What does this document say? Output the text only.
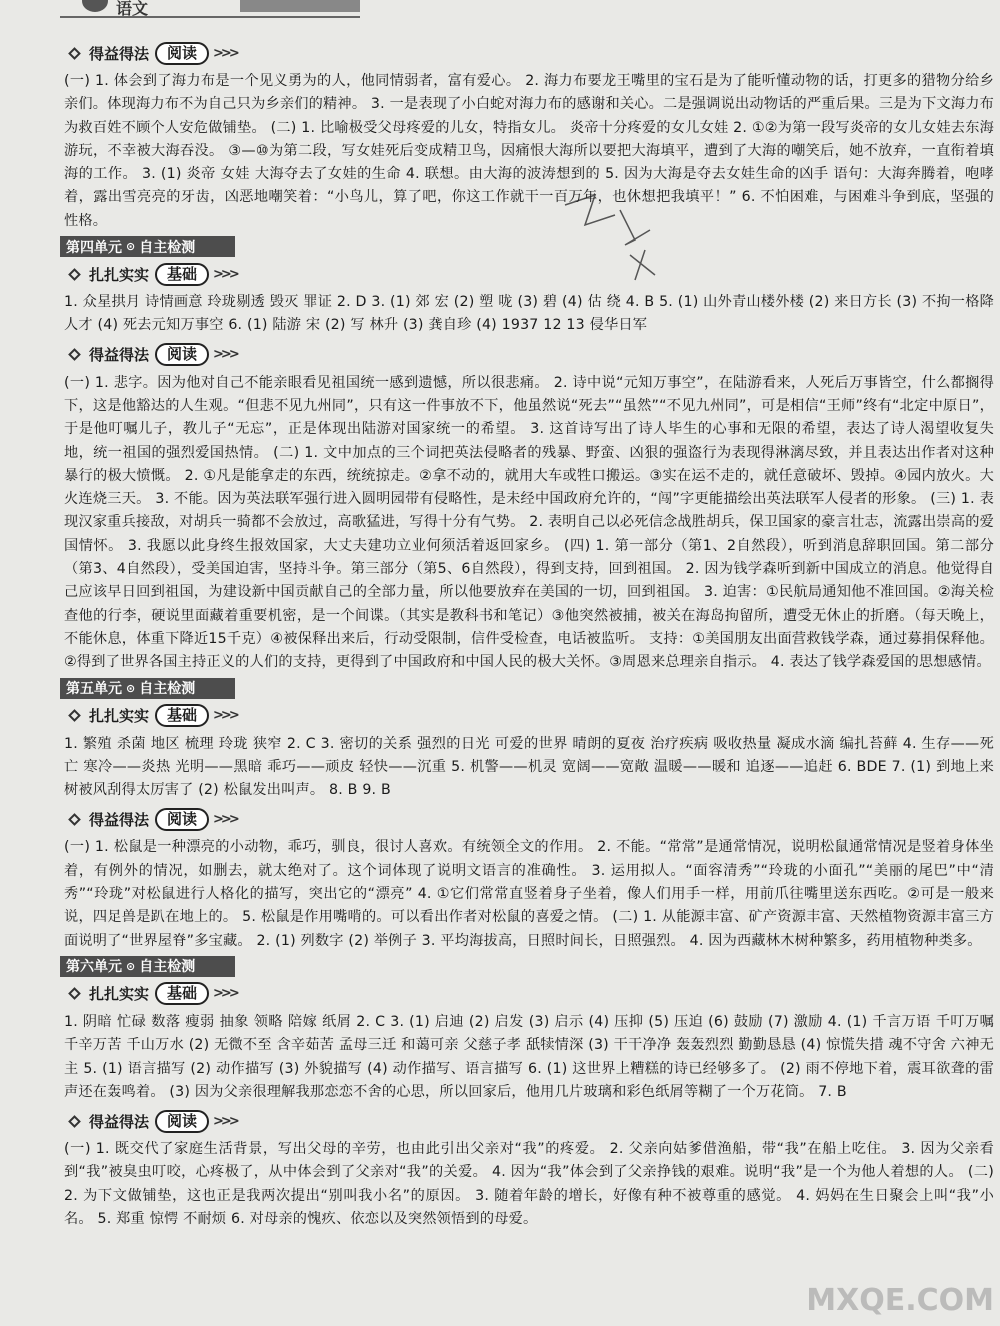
语文
得益得法	阅读	>>>

(一) 1. 体会到了海力布是一个见义勇为的人，他同情弱者，富有爱心。 2. 海力布要龙王嘴里的宝石是为了能听懂动物的话，打更多的猎物分给乡亲们。体现海力布不为自己只为乡亲们的精神。 3. 一是表现了小白蛇对海力布的感谢和关心。二是强调说出动物话的严重后果。三是为下文海力布为救百姓不顾个人安危做铺垫。 (二) 1. 比喻极受父母疼爱的儿女，特指女儿。 炎帝十分疼爱的女儿女娃 2. ①②为第一段写炎帝的女儿女娃去东海游玩，不幸被大海吞没。 ③—⑩为第二段，写女娃死后变成精卫鸟，因痛恨大海所以要把大海填平，遭到了大海的嘲笑后，她不放弃，一直衔着填海的工作。 3. (1) 炎帝 女娃 大海夺去了女娃的生命 4. 联想。由大海的波涛想到的 5. 因为大海是夺去女娃生命的凶手 语句：大海奔腾着，咆哮着，露出雪亮亮的牙齿，凶恶地嘲笑着：“小鸟儿，算了吧，你这工作就干一百万年，也休想把我填平！” 6. 不怕困难，与困难斗争到底，坚强的性格。

第四单元 ⊙ 自主检测
扎扎实实	基础	>>>

1. 众星拱月 诗情画意 玲珑剔透 毁灭 罪证 2. D 3. (1) 郊 宏 (2) 塑 咙 (3) 碧 (4) 估 绕 4. B 5. (1) 山外青山楼外楼 (2) 来日方长 (3) 不拘一格降人才 (4) 死去元知万事空 6. (1) 陆游 宋 (2) 写 林升 (3) 龚自珍 (4) 1937 12 13 侵华日军

得益得法	阅读	>>>

(一) 1. 悲字。因为他对自己不能亲眼看见祖国统一感到遗憾，所以很悲痛。 2. 诗中说“元知万事空”，在陆游看来，人死后万事皆空，什么都搁得下，这是他豁达的人生观。“但悲不见九州同”，只有这一件事放不下，他虽然说“死去”“虽然”“不见九州同”，可是相信“王师”终有“北定中原日”，于是他叮嘱儿子，教儿子“无忘”，正是体现出陆游对国家统一的希望。 3. 这首诗写出了诗人毕生的心事和无限的希望，表达了诗人渴望收复失地，统一祖国的强烈爱国热情。 (二) 1. 文中加点的三个词把英法侵略者的残暴、野蛮、凶狠的强盗行为表现得淋漓尽致，并且表达出作者对这种暴行的极大愤慨。 2. ①凡是能拿走的东西，统统掠走。②拿不动的，就用大车或牲口搬运。③实在运不走的，就任意破坏、毁掉。④园内放火。大火连烧三天。 3. 不能。因为英法联军强行进入圆明园带有侵略性，是未经中国政府允许的，“闯”字更能描绘出英法联军人侵者的形象。 (三) 1. 表现汉家重兵接敌，对胡兵一骑都不会放过，高歌猛进，写得十分有气势。 2. 表明自己以必死信念战胜胡兵，保卫国家的豪言壮志，流露出崇高的爱国情怀。 3. 我愿以此身终生报效国家，大丈夫建功立业何须活着返回家乡。 (四) 1. 第一部分（第1、2自然段），听到消息辞职回国。第二部分（第3、4自然段），受美国迫害，坚持斗争。第三部分（第5、6自然段），得到支持，回到祖国。 2. 因为钱学森听到新中国成立的消息。他觉得自己应该早日回到祖国，为建设新中国贡献自己的全部力量，所以他要放弃在美国的一切，回到祖国。 3. 迫害：①民航局通知他不准回国。②海关检查他的行李，硬说里面藏着重要机密，是一个间谍。（其实是教科书和笔记）③他突然被捕，被关在海岛拘留所，遭受无休止的折磨。（每天晚上，不能休息，体重下降近15千克）④被保释出来后，行动受限制，信件受检查，电话被监听。 支持：①美国朋友出面营救钱学森，通过募捐保释他。②得到了世界各国主持正义的人们的支持，更得到了中国政府和中国人民的极大关怀。③周恩来总理亲自指示。 4. 表达了钱学森爱国的思想感情。

第五单元 ⊙ 自主检测
扎扎实实	基础	>>>

1. 繁殖 杀菌 地区 梳理 玲珑 狭窄 2. C 3. 密切的关系 强烈的日光 可爱的世界 晴朗的夏夜 治疗疾病 吸收热量 凝成水滴 编扎苔藓 4. 生存——死亡 寒冷——炎热 光明——黑暗 乖巧——顽皮 轻快——沉重 5. 机警——机灵 宽阔——宽敞 温暖——暖和 追逐——追赶 6. BDE 7. (1) 到地上来 树被风刮得太厉害了 (2) 松鼠发出叫声。 8. B 9. B

得益得法	阅读	>>>

(一) 1. 松鼠是一种漂亮的小动物，乖巧，驯良，很讨人喜欢。有统领全文的作用。 2. 不能。“常常”是通常情况，说明松鼠通常情况是竖着身体坐着，有例外的情况，如删去，就太绝对了。这个词体现了说明文语言的准确性。 3. 运用拟人。“面容清秀”“玲珑的小面孔”“美丽的尾巴”中“清秀”“玲珑”对松鼠进行人格化的描写，突出它的“漂亮” 4. ①它们常常直竖着身子坐着，像人们用手一样，用前爪往嘴里送东西吃。②可是一般来说，四足兽是趴在地上的。 5. 松鼠是作用嘴啃的。可以看出作者对松鼠的喜爱之情。 (二) 1. 从能源丰富、矿产资源丰富、天然植物资源丰富三方面说明了“世界屋脊”多宝藏。 2. (1) 列数字 (2) 举例子 3. 平均海拔高，日照时间长，日照强烈。 4. 因为西藏林木树种繁多，药用植物种类多。

第六单元 ⊙ 自主检测
扎扎实实	基础	>>>

1. 阴暗 忙碌 数落 瘦弱 抽象 领略 陪嫁 纸屑 2. C 3. (1) 启迪 (2) 启发 (3) 启示 (4) 压抑 (5) 压迫 (6) 鼓励 (7) 激励 4. (1) 千言万语 千叮万嘱 千辛万苦 千山万水 (2) 无微不至 含辛茹苦 孟母三迁 和蔼可亲 父慈子孝 舐犊情深 (3) 干干净净 轰轰烈烈 勤勤恳恳 (4) 惊慌失措 魂不守舍 六神无主 5. (1) 语言描写 (2) 动作描写 (3) 外貌描写 (4) 动作描写、语言描写 6. (1) 这世界上糟糕的诗已经够多了。 (2) 雨不停地下着，震耳欲聋的雷声还在轰鸣着。 (3) 因为父亲很理解我那恋恋不舍的心思，所以回家后，他用几片玻璃和彩色纸屑等糊了一个万花筒。 7. B

得益得法	阅读	>>>

(一) 1. 既交代了家庭生活背景，写出父母的辛劳，也由此引出父亲对“我”的疼爱。 2. 父亲向姑爹借渔船，带“我”在船上吃住。 3. 因为父亲看到“我”被臭虫叮咬，心疼极了，从中体会到了父亲对“我”的关爱。 4. 因为“我”体会到了父亲挣钱的艰难。说明“我”是一个为他人着想的人。 (二) 2. 为下文做铺垫，这也正是我两次提出“别叫我小名”的原因。 3. 随着年龄的增长，好像有种不被尊重的感觉。 4. 妈妈在生日聚会上叫“我”小名。 5. 郑重 惊愕 不耐烦 6. 对母亲的愧疚、依恋以及突然领悟到的母爱。

MXQE.COM
